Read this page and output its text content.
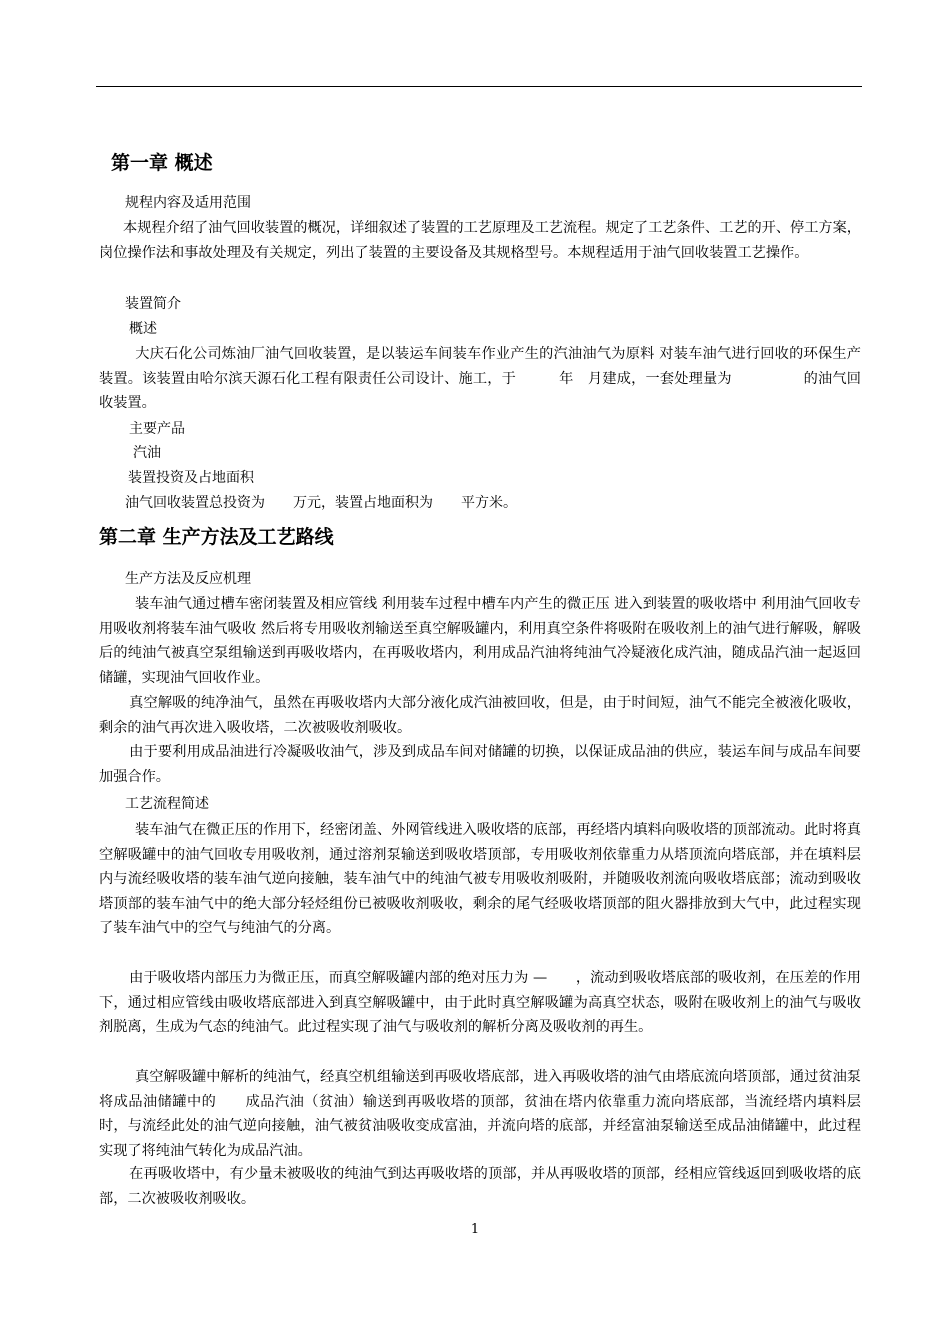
第一章 概述
规程内容及适用范围
本规程介绍了油气回收装置的概况，详细叙述了装置的工艺原理及工艺流程。规定了工艺条件、工艺的开、停工方案，岗位操作法和事故处理及有关规定，列出了装置的主要设备及其规格型号。本规程适用于油气回收装置工艺操作。
装置简介
概述
大庆石化公司炼油厂油气回收装置，是以装运车间装车作业产生的汽油油气为原料 对装车油气进行回收的环保生产装置。该装置由哈尔滨天源石化工程有限责任公司设计、施工，于　　　年　月建成，一套处理量为　　　　　的油气回收装置。
主要产品
汽油
装置投资及占地面积
油气回收装置总投资为　　万元，装置占地面积为　　平方米。
第二章 生产方法及工艺路线
生产方法及反应机理
装车油气通过槽车密闭装置及相应管线 利用装车过程中槽车内产生的微正压 进入到装置的吸收塔中 利用油气回收专用吸收剂将装车油气吸收 然后将专用吸收剂输送至真空解吸罐内，利用真空条件将吸附在吸收剂上的油气进行解吸，解吸后的纯油气被真空泵组输送到再吸收塔内，在再吸收塔内，利用成品汽油将纯油气冷疑液化成汽油，随成品汽油一起返回储罐，实现油气回收作业。
真空解吸的纯净油气，虽然在再吸收塔内大部分液化成汽油被回收，但是，由于时间短，油气不能完全被液化吸收，剩余的油气再次进入吸收塔，二次被吸收剂吸收。
由于要利用成品油进行冷凝吸收油气，涉及到成品车间对储罐的切换，以保证成品油的供应，装运车间与成品车间要加强合作。
工艺流程简述
装车油气在微正压的作用下，经密闭盖、外网管线进入吸收塔的底部，再经塔内填料向吸收塔的顶部流动。此时将真空解吸罐中的油气回收专用吸收剂，通过溶剂泵输送到吸收塔顶部，专用吸收剂依靠重力从塔顶流向塔底部，并在填料层内与流经吸收塔的装车油气逆向接触，装车油气中的纯油气被专用吸收剂吸附，并随吸收剂流向吸收塔底部；流动到吸收塔顶部的装车油气中的绝大部分轻烃组份已被吸收剂吸收，剩余的尾气经吸收塔顶部的阻火器排放到大气中，此过程实现了装车油气中的空气与纯油气的分离。
由于吸收塔内部压力为微正压，而真空解吸罐内部的绝对压力为 —　　，流动到吸收塔底部的吸收剂，在压差的作用下，通过相应管线由吸收塔底部进入到真空解吸罐中，由于此时真空解吸罐为高真空状态，吸附在吸收剂上的油气与吸收剂脱离，生成为气态的纯油气。此过程实现了油气与吸收剂的解析分离及吸收剂的再生。
真空解吸罐中解析的纯油气，经真空机组输送到再吸收塔底部，进入再吸收塔的油气由塔底流向塔顶部，通过贫油泵将成品油储罐中的　　成品汽油（贫油）输送到再吸收塔的顶部，贫油在塔内依靠重力流向塔底部，当流经塔内填料层时，与流经此处的油气逆向接触，油气被贫油吸收变成富油，并流向塔的底部，并经富油泵输送至成品油储罐中，此过程实现了将纯油气转化为成品汽油。
在再吸收塔中，有少量未被吸收的纯油气到达再吸收塔的顶部，并从再吸收塔的顶部，经相应管线返回到吸收塔的底部，二次被吸收剂吸收。
1
